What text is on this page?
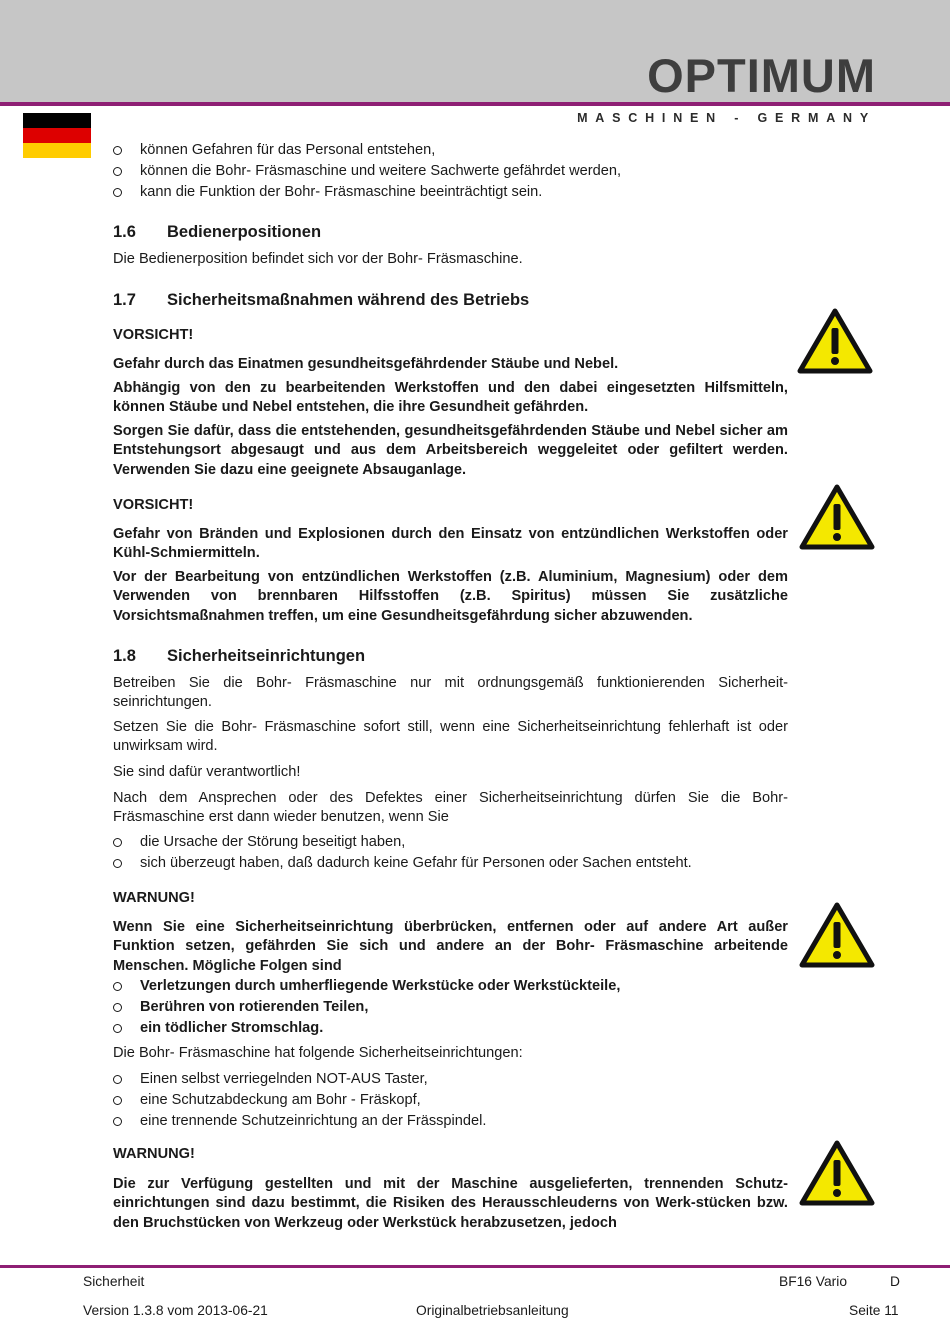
OPTIMUM
MASCHINEN - GERMANY
können Gefahren für das Personal entstehen,
können die Bohr- Fräsmaschine und weitere Sachwerte gefährdet werden,
kann die Funktion der Bohr- Fräsmaschine beeinträchtigt sein.
1.6 Bedienerpositionen

Die Bedienerposition befindet sich vor der Bohr- Fräsmaschine.

1.7 Sicherheitsmaßnahmen während des Betriebs

VORSICHT!

Gefahr durch das Einatmen gesundheitsgefährdender Stäube und Nebel.

Abhängig von den zu bearbeitenden Werkstoffen und den dabei eingesetzten Hilfsmitteln, können Stäube und Nebel entstehen, die ihre Gesundheit gefährden.

Sorgen Sie dafür, dass die entstehenden, gesundheitsgefährdenden Stäube und Nebel sicher am Entstehungsort abgesaugt und aus dem Arbeitsbereich weggeleitet oder gefiltert werden. Verwenden Sie dazu eine geeignete Absauganlage.

VORSICHT!

Gefahr von Bränden und Explosionen durch den Einsatz von entzündlichen Werkstoffen oder Kühl-Schmiermitteln.

Vor der Bearbeitung von entzündlichen Werkstoffen (z.B. Aluminium, Magnesium) oder dem Verwenden von brennbaren Hilfsstoffen (z.B. Spiritus) müssen Sie zusätzliche Vorsichtsmaßnahmen treffen, um eine Gesundheitsgefährdung sicher abzuwenden.

1.8 Sicherheitseinrichtungen

Betreiben Sie die Bohr- Fräsmaschine nur mit ordnungsgemäß funktionierenden Sicherheit-seinrichtungen.

Setzen Sie die Bohr- Fräsmaschine sofort still, wenn eine Sicherheitseinrichtung fehlerhaft ist oder unwirksam wird.

Sie sind dafür verantwortlich!

Nach dem Ansprechen oder des Defektes einer Sicherheitseinrichtung dürfen Sie die Bohr-Fräsmaschine erst dann wieder benutzen, wenn Sie

die Ursache der Störung beseitigt haben,
sich überzeugt haben, daß dadurch keine Gefahr für Personen oder Sachen entsteht.

WARNUNG!

Wenn Sie eine Sicherheitseinrichtung überbrücken, entfernen oder auf andere Art außer Funktion setzen, gefährden Sie sich und andere an der Bohr- Fräsmaschine arbeitende Menschen. Mögliche Folgen sind

Verletzungen durch umherfliegende Werkstücke oder Werkstückteile,
Berühren von rotierenden Teilen,
ein tödlicher Stromschlag.

Die Bohr- Fräsmaschine hat folgende Sicherheitseinrichtungen:

Einen selbst verriegelnden NOT-AUS Taster,
eine Schutzabdeckung am Bohr - Fräskopf,
eine trennende Schutzeinrichtung an der Frässpindel.

WARNUNG!

Die zur Verfügung gestellten und mit der Maschine ausgelieferten, trennenden Schutz-einrichtungen sind dazu bestimmt, die Risiken des Herausschleuderns von Werk-stücken bzw. den Bruchstücken von Werkzeug oder Werkstück herabzusetzen, jedoch

Sicherheit	BF16 Vario	D
Version 1.3.8 vom 2013-06-21	Originalbetriebsanleitung	Seite 11
